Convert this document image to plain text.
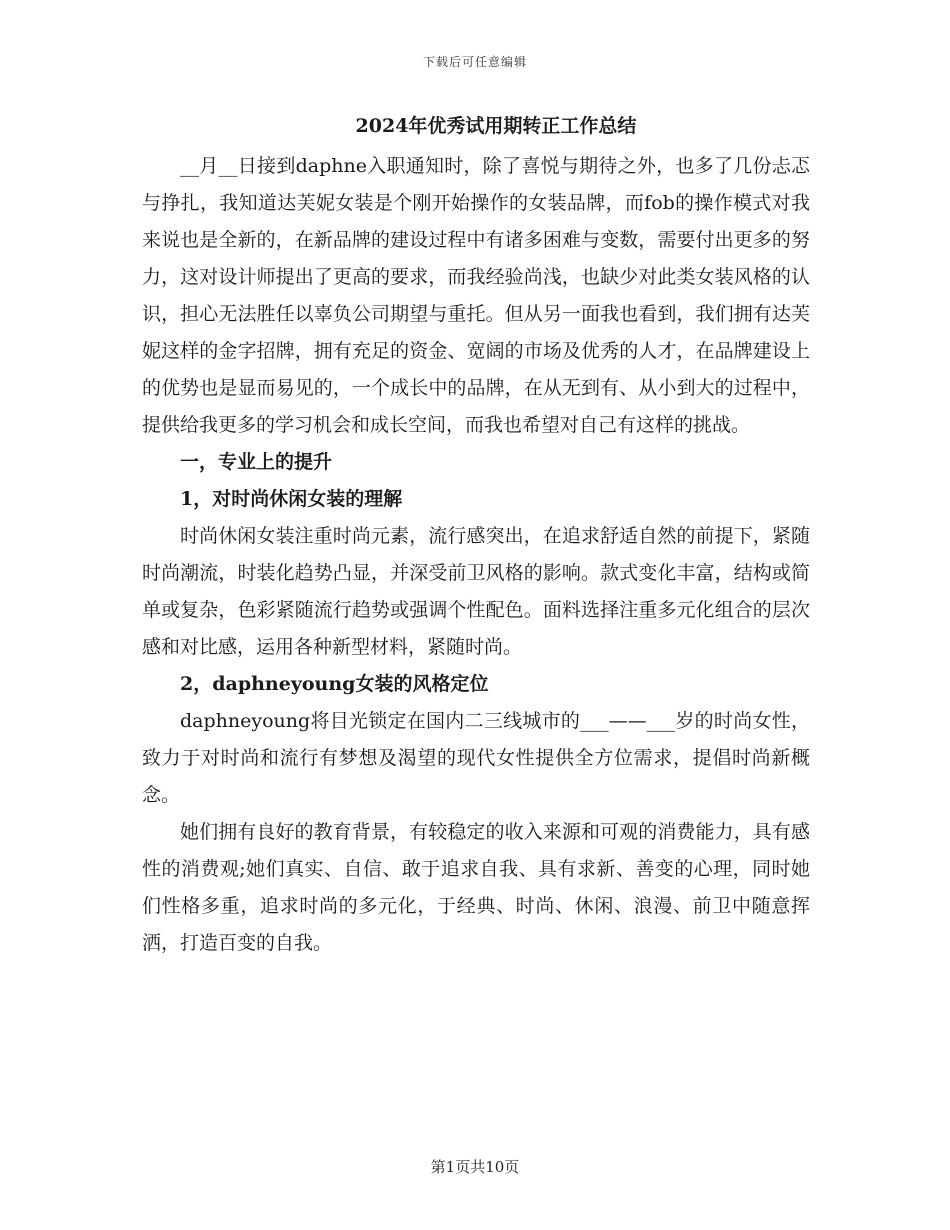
下载后可任意编辑
2024年优秀试用期转正工作总结

__月__日接到daphne入职通知时，除了喜悦与期待之外，也多了几份忐忑与挣扎，我知道达芙妮女装是个刚开始操作的女装品牌，而fob的操作模式对我来说也是全新的，在新品牌的建设过程中有诸多困难与变数，需要付出更多的努力，这对设计师提出了更高的要求，而我经验尚浅，也缺少对此类女装风格的认识，担心无法胜任以辜负公司期望与重托。但从另一面我也看到，我们拥有达芙妮这样的金字招牌，拥有充足的资金、宽阔的市场及优秀的人才，在品牌建设上的优势也是显而易见的，一个成长中的品牌，在从无到有、从小到大的过程中，提供给我更多的学习机会和成长空间，而我也希望对自己有这样的挑战。

一，专业上的提升

1，对时尚休闲女装的理解

时尚休闲女装注重时尚元素，流行感突出，在追求舒适自然的前提下，紧随时尚潮流，时装化趋势凸显，并深受前卫风格的影响。款式变化丰富，结构或简单或复杂，色彩紧随流行趋势或强调个性配色。面料选择注重多元化组合的层次感和对比感，运用各种新型材料，紧随时尚。

2，daphneyoung女装的风格定位

daphneyoung将目光锁定在国内二三线城市的___——___岁的时尚女性，致力于对时尚和流行有梦想及渴望的现代女性提供全方位需求，提倡时尚新概念。

她们拥有良好的教育背景，有较稳定的收入来源和可观的消费能力，具有感性的消费观;她们真实、自信、敢于追求自我、具有求新、善变的心理，同时她们性格多重，追求时尚的多元化，于经典、时尚、休闲、浪漫、前卫中随意挥洒，打造百变的自我。

第1页共10页
